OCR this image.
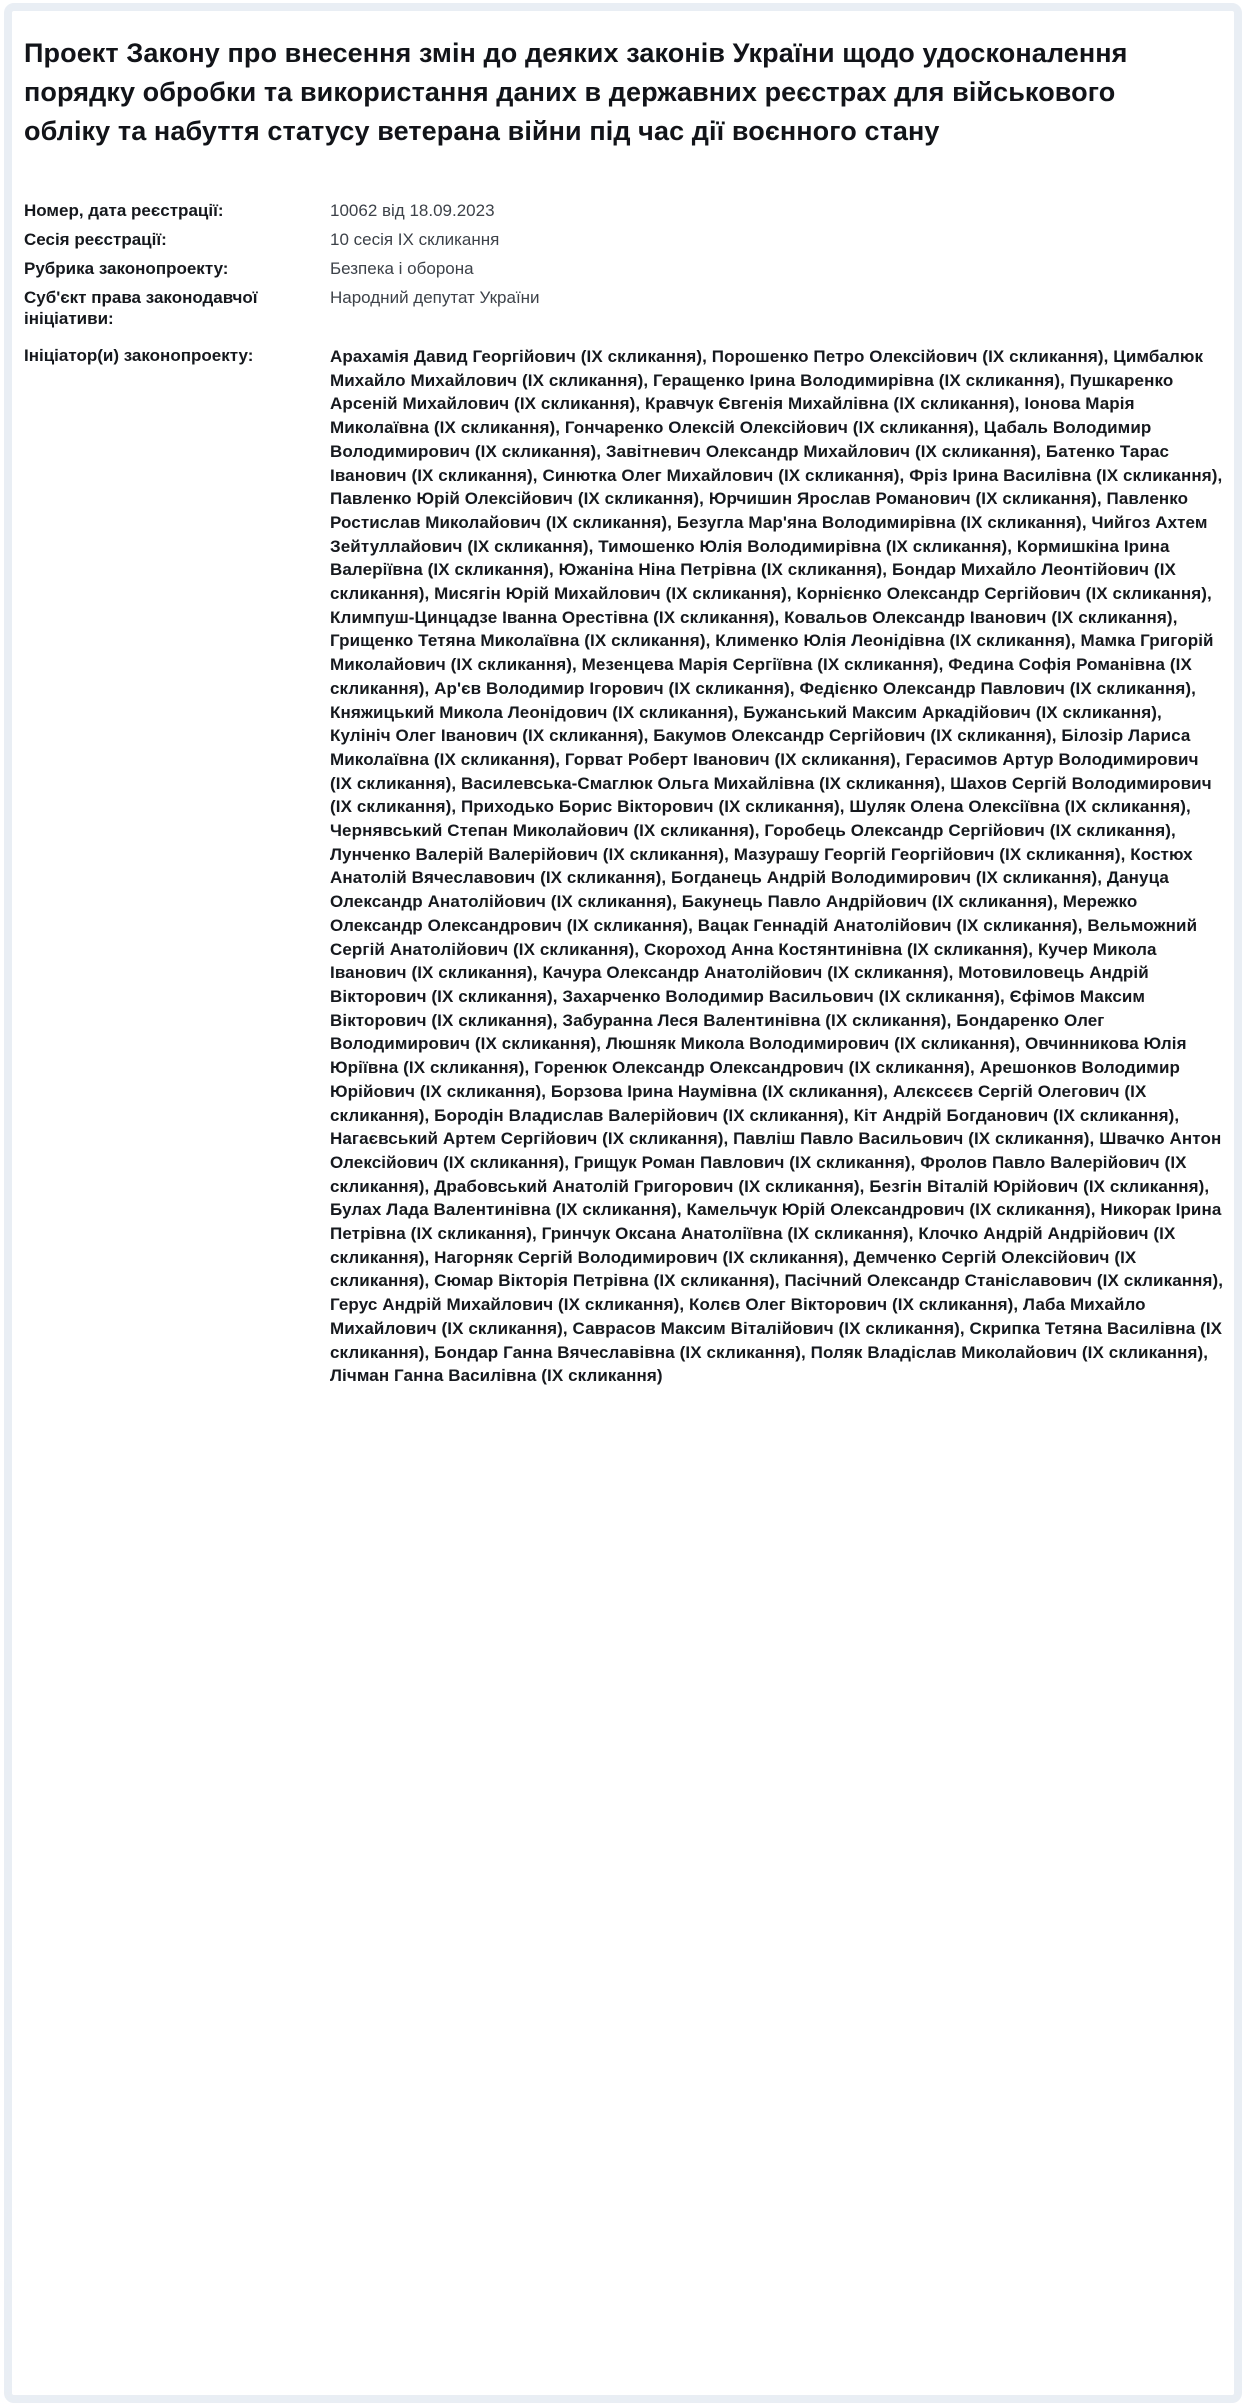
Проект Закону про внесення змін до деяких законів України щодо удосконалення порядку обробки та використання даних в державних реєстрах для військового обліку та набуття статусу ветерана війни під час дії воєнного стану
Номер, дата реєстрації:	10062 від 18.09.2023
Сесія реєстрації:	10 сесія ІХ скликання
Рубрика законопроекту:	Безпека і оборона
Суб'єкт права законодавчої ініціативи:
Народний депутат України
Ініціатор(и) законопроекту:	Арахамія Давид Георгійович (ІХ скликання), Порошенко Петро Олексійович (ІХ скликання), Цимбалюк Михайло Михайлович (ІХ скликання), Геращенко Ірина Володимирівна (ІХ скликання), Пушкаренко Арсеній Михайлович (ІХ скликання), Кравчук Євгенія Михайлівна (ІХ скликання), Іонова Марія Миколаївна (ІХ скликання), Гончаренко Олексій Олексійович (ІХ скликання), Цабаль Володимир Володимирович (ІХ скликання), Завітневич Олександр Михайлович (ІХ скликання), Батенко Тарас Іванович (ІХ скликання), Синютка Олег Михайлович (ІХ скликання), Фріз Ірина Василівна (ІХ скликання), Павленко Юрій Олексійович (ІХ скликання), Юрчишин Ярослав Романович (ІХ скликання), Павленко Ростислав Миколайович (ІХ скликання), Безугла Мар'яна Володимирівна (ІХ скликання), Чийгоз Ахтем Зейтуллайович (ІХ скликання), Тимошенко Юлія Володимирівна (ІХ скликання), Кормишкіна Ірина Валеріївна (ІХ скликання), Южаніна Ніна Петрівна (ІХ скликання), Бондар Михайло Леонтійович (ІХ скликання), Мисягін Юрій Михайлович (ІХ скликання), Корнієнко Олександр Сергійович (ІХ скликання), Климпуш-Цинцадзе Іванна Орестівна (ІХ скликання), Ковальов Олександр Іванович (ІХ скликання), Грищенко Тетяна Миколаївна (ІХ скликання), Клименко Юлія Леонідівна (ІХ скликання), Мамка Григорій Миколайович (ІХ скликання), Мезенцева Марія Сергіївна (ІХ скликання), Федина Софія Романівна (ІХ скликання), Ар'єв Володимир Ігорович (ІХ скликання), Федієнко Олександр Павлович (ІХ скликання), Княжицький Микола Леонідович (ІХ скликання), Бужанський Максим Аркадійович (ІХ скликання), Кулініч Олег Іванович (ІХ скликання), Бакумов Олександр Сергійович (ІХ скликання), Білозір Лариса Миколаївна (ІХ скликання), Горват Роберт Іванович (ІХ скликання), Герасимов Артур Володимирович (ІХ скликання), Василевська-Смаглюк Ольга Михайлівна (ІХ скликання), Шахов Сергій Володимирович (ІХ скликання), Приходько Борис Вікторович (ІХ скликання), Шуляк Олена Олексіївна (ІХ скликання), Чернявський Степан Миколайович (ІХ скликання), Горобець Олександр Сергійович (ІХ скликання), Лунченко Валерій Валерійович (ІХ скликання), Мазурашу Георгій Георгійович (ІХ скликання), Костюх Анатолій Вячеславович (ІХ скликання), Богданець Андрій Володимирович (ІХ скликання), Дануца Олександр Анатолійович (ІХ скликання), Бакунець Павло Андрійович (ІХ скликання), Мережко Олександр Олександрович (ІХ скликання), Вацак Геннадій Анатолійович (ІХ скликання), Вельможний Сергій Анатолійович (ІХ скликання), Скороход Анна Костянтинівна (ІХ скликання), Кучер Микола Іванович (ІХ скликання), Качура Олександр Анатолійович (ІХ скликання), Мотовиловець Андрій Вікторович (ІХ скликання), Захарченко Володимир Васильович (ІХ скликання), Єфімов Максим Вікторович (ІХ скликання), Забуранна Леся Валентинівна (ІХ скликання), Бондаренко Олег Володимирович (ІХ скликання), Люшняк Микола Володимирович (ІХ скликання), Овчинникова Юлія Юріївна (ІХ скликання), Горенюк Олександр Олександрович (ІХ скликання), Арешонков Володимир Юрійович (ІХ скликання), Борзова Ірина Наумівна (ІХ скликання), Алєксєєв Сергій Олегович (ІХ скликання), Бородін Владислав Валерійович (ІХ скликання), Кіт Андрій Богданович (ІХ скликання), Нагаєвський Артем Сергійович (ІХ скликання), Павліш Павло Васильович (ІХ скликання), Швачко Антон Олексійович (ІХ скликання), Грищук Роман Павлович (ІХ скликання), Фролов Павло Валерійович (ІХ скликання), Драбовський Анатолій Григорович (ІХ скликання), Безгін Віталій Юрійович (ІХ скликання), Булах Лада Валентинівна (ІХ скликання), Камельчук Юрій Олександрович (ІХ скликання), Никорак Ірина Петрівна (ІХ скликання), Гринчук Оксана Анатоліївна (ІХ скликання), Клочко Андрій Андрійович (ІХ скликання), Нагорняк Сергій Володимирович (ІХ скликання), Демченко Сергій Олексійович (ІХ скликання), Сюмар Вікторія Петрівна (ІХ скликання), Пасічний Олександр Станіславович (ІХ скликання), Герус Андрій Михайлович (ІХ скликання), Колєв Олег Вікторович (ІХ скликання), Лаба Михайло Михайлович (ІХ скликання), Саврасов Максим Віталійович (ІХ скликання), Скрипка Тетяна Василівна (ІХ скликання), Бондар Ганна Вячеславівна (ІХ скликання), Поляк Владіслав Миколайович (ІХ скликання), Лічман Ганна Василівна (ІХ скликання)
